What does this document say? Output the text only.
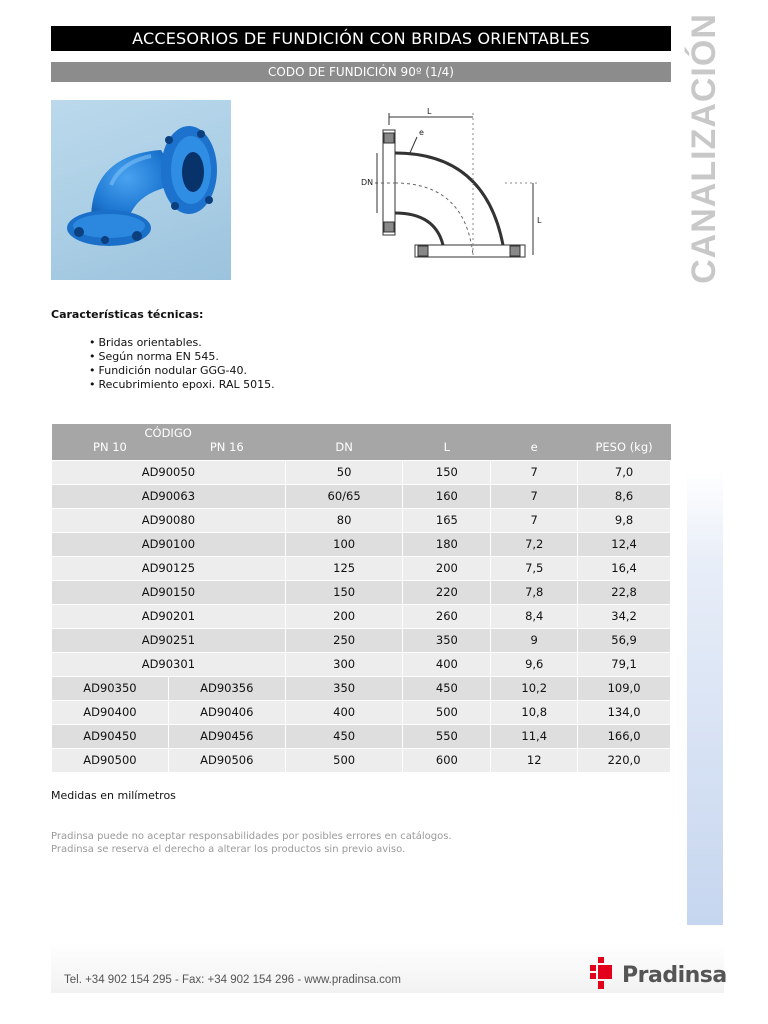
ACCESORIOS DE FUNDICIÓN CON BRIDAS ORIENTABLES
CODO DE FUNDICIÓN 90º (1/4)	CANALIZACIÓN
L
L
DN
e
Características técnicas:
• Bridas orientables.
• Según norma EN 545.
• Fundición nodular GGG-40.
• Recubrimiento epoxi. RAL 5015.
CÓDIGO					
PN 10	PN 16	DN	L	e	PESO (kg)
AD90050		50	150	7	7,0
AD90063		60/65	160	7	8,6
AD90080		80	165	7	9,8
AD90100		100	180	7,2	12,4
AD90125		125	200	7,5	16,4
AD90150		150	220	7,8	22,8
AD90201		200	260	8,4	34,2
AD90251		250	350	9	56,9
AD90301		300	400	9,6	79,1
AD90350	AD90356	350	450	10,2	109,0
AD90400	AD90406	400	500	10,8	134,0
AD90450	AD90456	450	550	11,4	166,0
AD90500	AD90506	500	600	12	220,0
Medidas en milímetros
Pradinsa puede no aceptar responsabilidades por posibles errores en catálogos.
Pradinsa se reserva el derecho a alterar los productos sin previo aviso.
Tel. +34 902 154 295 - Fax: +34 902 154 296 - www.pradinsa.com	Pradinsa
